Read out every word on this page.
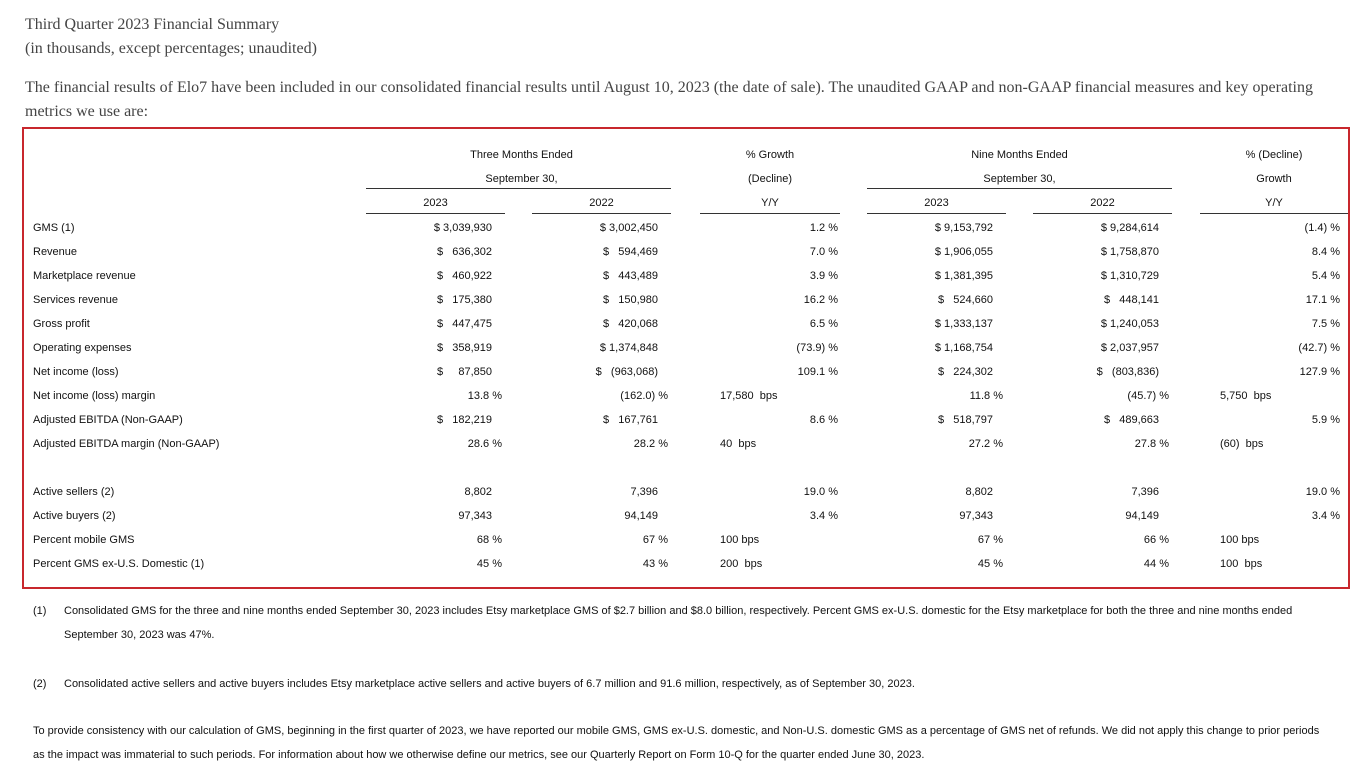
Third Quarter 2023 Financial Summary
(in thousands, except percentages; unaudited)
The financial results of Elo7 have been included in our consolidated financial results until August 10, 2023 (the date of sale). The unaudited GAAP and non-GAAP financial measures and key operating metrics we use are:
Three Months Ended
September 30,
% Growth
(Decline)
Nine Months Ended
September 30,
% (Decline)
Growth
2023	2022	Y/Y	2023	2022	Y/Y
GMS (1)	$ 3,039,930	$ 3,002,450	1.2 %	$ 9,153,792	$ 9,284,614	(1.4) %
Revenue	$   636,302	$   594,469	7.0 %	$ 1,906,055	$ 1,758,870	8.4 %
Marketplace revenue	$   460,922	$   443,489	3.9 %	$ 1,381,395	$ 1,310,729	5.4 %
Services revenue	$   175,380	$   150,980	16.2 %	$   524,660	$   448,141	17.1 %
Gross profit	$   447,475	$   420,068	6.5 %	$ 1,333,137	$ 1,240,053	7.5 %
Operating expenses	$   358,919	$ 1,374,848	(73.9) %	$ 1,168,754	$ 2,037,957	(42.7) %
Net income (loss)	$     87,850	$   (963,068)	109.1 %	$   224,302	$   (803,836)	127.9 %
Net income (loss) margin	13.8 %	(162.0) %	17,580  bps	11.8 %	(45.7) %	5,750  bps
Adjusted EBITDA (Non-GAAP)	$   182,219	$   167,761	8.6 %	$   518,797	$   489,663	5.9 %
Adjusted EBITDA margin (Non-GAAP)	28.6 %	28.2 %	40  bps	27.2 %	27.8 %	(60)  bps
Active sellers (2)	8,802	7,396	19.0 %	8,802	7,396	19.0 %
Active buyers (2)	97,343	94,149	3.4 %	97,343	94,149	3.4 %
Percent mobile GMS	68 %	67 %	100 bps	67 %	66 %	100 bps
Percent GMS ex-U.S. Domestic (1)	45 %	43 %	200  bps	45 %	44 %	100  bps
(1) Consolidated GMS for the three and nine months ended September 30, 2023 includes Etsy marketplace GMS of $2.7 billion and $8.0 billion, respectively. Percent GMS ex-U.S. domestic for the Etsy marketplace for both the three and nine months ended September 30, 2023 was 47%.
(2) Consolidated active sellers and active buyers includes Etsy marketplace active sellers and active buyers of 6.7 million and 91.6 million, respectively, as of September 30, 2023.
To provide consistency with our calculation of GMS, beginning in the first quarter of 2023, we have reported our mobile GMS, GMS ex-U.S. domestic, and Non-U.S. domestic GMS as a percentage of GMS net of refunds. We did not apply this change to prior periods as the impact was immaterial to such periods. For information about how we otherwise define our metrics, see our Quarterly Report on Form 10-Q for the quarter ended June 30, 2023.
